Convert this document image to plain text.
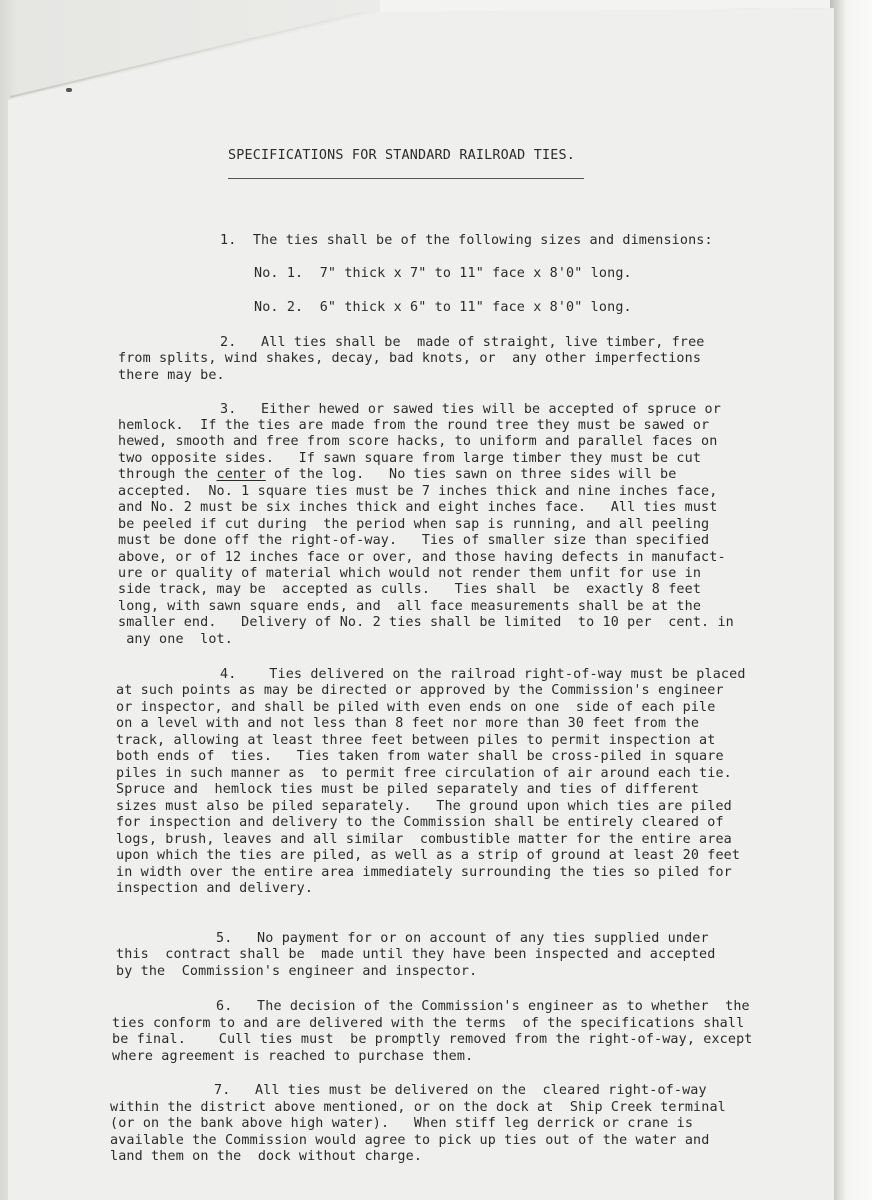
SPECIFICATIONS FOR STANDARD RAILROAD TIES.
1.  The ties shall be of the following sizes and dimensions:
No. 1.  7" thick x 7" to 11" face x 8'0" long.
No. 2.  6" thick x 6" to 11" face x 8'0" long.
2.   All ties shall be  made of straight, live timber, free
from splits, wind shakes, decay, bad knots, or  any other imperfections
there may be.
3.   Either hewed or sawed ties will be accepted of spruce or
hemlock.  If the ties are made from the round tree they must be sawed or
hewed, smooth and free from score hacks, to uniform and parallel faces on
two opposite sides.   If sawn square from large timber they must be cut
through the center of the log.   No ties sawn on three sides will be
accepted.  No. 1 square ties must be 7 inches thick and nine inches face,
and No. 2 must be six inches thick and eight inches face.   All ties must
be peeled if cut during  the period when sap is running, and all peeling
must be done off the right-of-way.   Ties of smaller size than specified
above, or of 12 inches face or over, and those having defects in manufact-
ure or quality of material which would not render them unfit for use in
side track, may be  accepted as culls.   Ties shall  be  exactly 8 feet
long, with sawn square ends, and  all face measurements shall be at the
smaller end.   Delivery of No. 2 ties shall be limited  to 10 per  cent. in
any one  lot.
4.    Ties delivered on the railroad right-of-way must be placed
at such points as may be directed or approved by the Commission's engineer
or inspector, and shall be piled with even ends on one  side of each pile
on a level with and not less than 8 feet nor more than 30 feet from the
track, allowing at least three feet between piles to permit inspection at
both ends of  ties.   Ties taken from water shall be cross-piled in square
piles in such manner as  to permit free circulation of air around each tie.
Spruce and  hemlock ties must be piled separately and ties of different
sizes must also be piled separately.   The ground upon which ties are piled
for inspection and delivery to the Commission shall be entirely cleared of
logs, brush, leaves and all similar  combustible matter for the entire area
upon which the ties are piled, as well as a strip of ground at least 20 feet
in width over the entire area immediately surrounding the ties so piled for
inspection and delivery.
5.   No payment for or on account of any ties supplied under
this  contract shall be  made until they have been inspected and accepted
by the  Commission's engineer and inspector.
6.   The decision of the Commission's engineer as to whether  the
ties conform to and are delivered with the terms  of the specifications shall
be final.    Cull ties must  be promptly removed from the right-of-way, except
where agreement is reached to purchase them.
7.   All ties must be delivered on the  cleared right-of-way
within the district above mentioned, or on the dock at  Ship Creek terminal
(or on the bank above high water).   When stiff leg derrick or crane is
available the Commission would agree to pick up ties out of the water and
land them on the  dock without charge.
